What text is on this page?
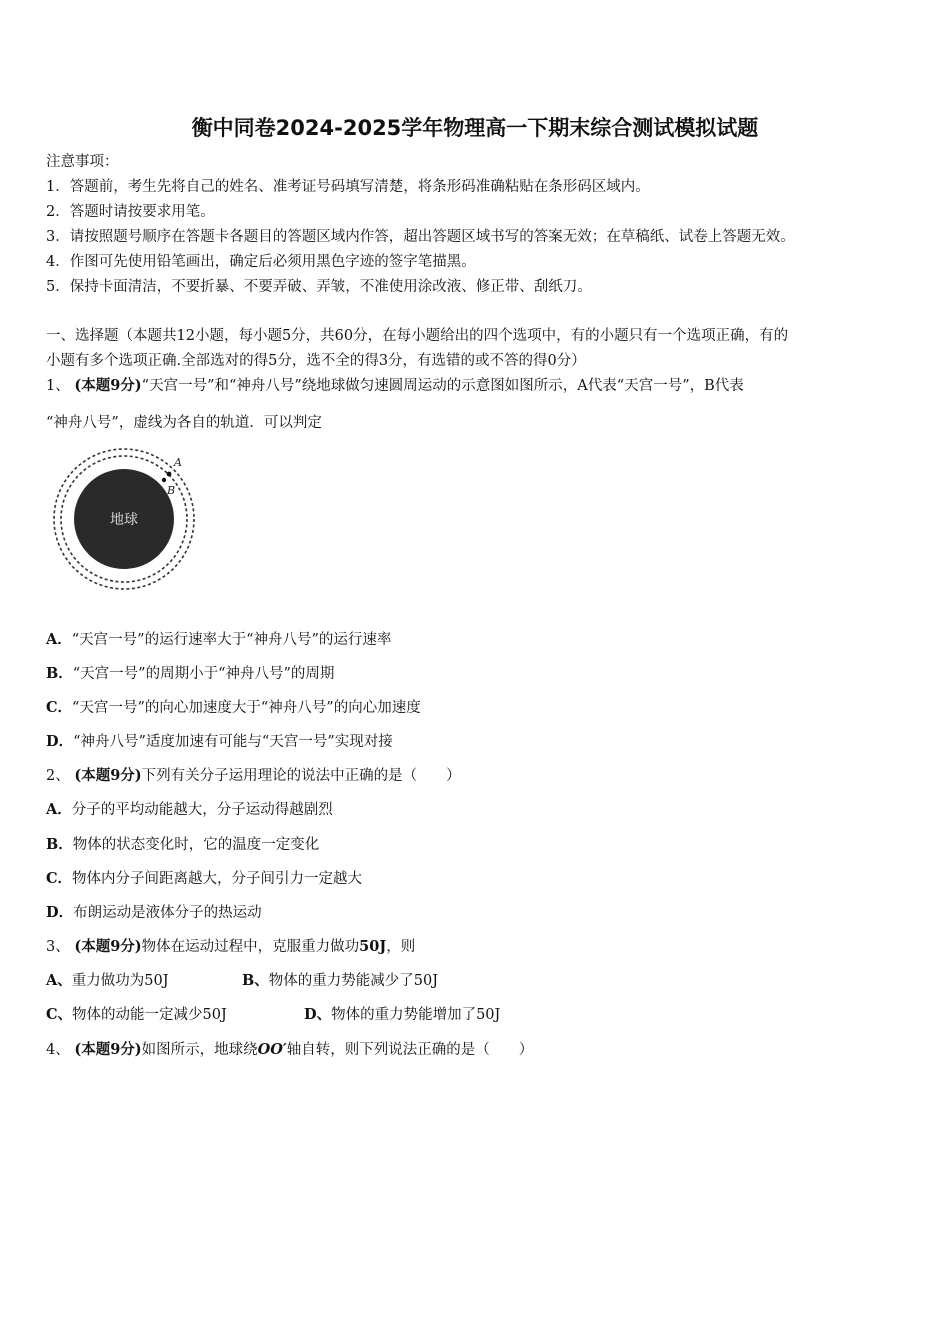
衡中同卷2024-2025学年物理高一下期末综合测试模拟试题
注意事项：
1．答题前，考生先将自己的姓名、准考证号码填写清楚，将条形码准确粘贴在条形码区域内。
2．答题时请按要求用笔。
3．请按照题号顺序在答题卡各题目的答题区域内作答，超出答题区域书写的答案无效；在草稿纸、试卷上答题无效。
4．作图可先使用铅笔画出，确定后必须用黑色字迹的签字笔描黑。
5．保持卡面清洁，不要折暴、不要弄破、弄皱，不准使用涂改液、修正带、刮纸刀。
一、选择题（本题共12小题，每小题5分，共60分，在每小题给出的四个选项中，有的小题只有一个选项正确，有的
小题有多个选项正确.全部选对的得5分，选不全的得3分，有选错的或不答的得0分）
1、 (本题9分)“天宫一号”和“神舟八号”绕地球做匀速圆周运动的示意图如图所示，A代表“天宫一号”，B代表
“神舟八号”，虚线为各自的轨道．可以判定
地球
A
B
A．“天宫一号”的运行速率大于“神舟八号”的运行速率
B．“天宫一号”的周期小于“神舟八号”的周期
C．“天宫一号”的向心加速度大于“神舟八号”的向心加速度
D．“神舟八号”适度加速有可能与“天宫一号”实现对接
2、 (本题9分)下列有关分子运用理论的说法中正确的是（　　）
A．分子的平均动能越大，分子运动得越剧烈
B．物体的状态变化时，它的温度一定变化
C．物体内分子间距离越大，分子间引力一定越大
D．布朗运动是液体分子的热运动
3、 (本题9分)物体在运动过程中，克服重力做功50J，则
A、重力做功为50J	B、物体的重力势能减少了50J
C、物体的动能一定减少50J	D、物体的重力势能增加了50J
4、 (本题9分)如图所示，地球绕OO′轴自转，则下列说法正确的是（　　）
